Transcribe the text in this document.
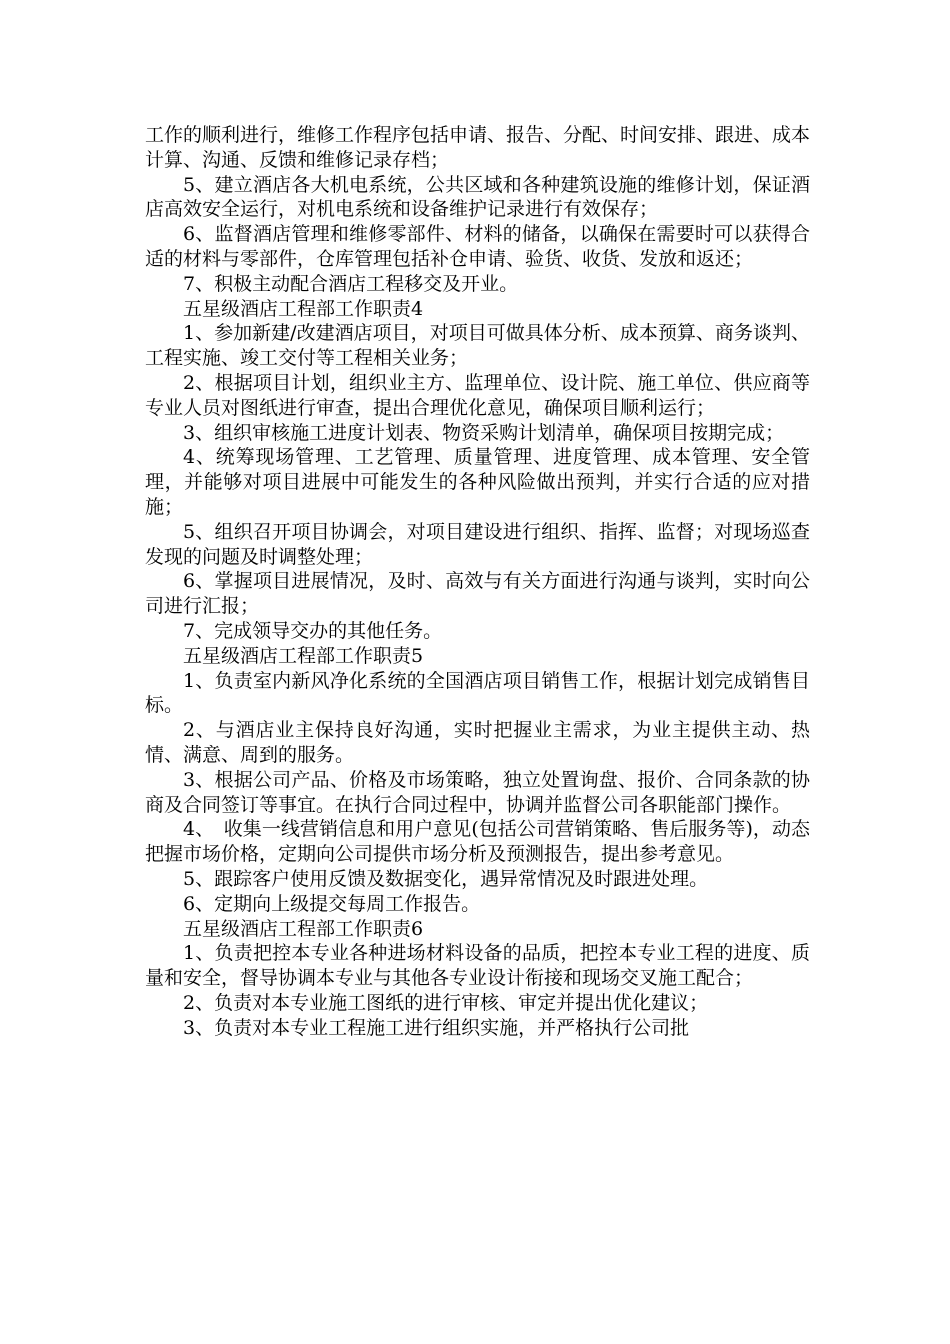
工作的顺利进行，维修工作程序包括申请、报告、分配、时间安排、跟进、成本计算、沟通、反馈和维修记录存档；

5、建立酒店各大机电系统，公共区域和各种建筑设施的维修计划，保证酒店高效安全运行，对机电系统和设备维护记录进行有效保存；

6、监督酒店管理和维修零部件、材料的储备，以确保在需要时可以获得合适的材料与零部件，仓库管理包括补仓申请、验货、收货、发放和返还；

7、积极主动配合酒店工程移交及开业。

五星级酒店工程部工作职责4

1、参加新建/改建酒店项目，对项目可做具体分析、成本预算、商务谈判、工程实施、竣工交付等工程相关业务；

2、根据项目计划，组织业主方、监理单位、设计院、施工单位、供应商等专业人员对图纸进行审查，提出合理优化意见，确保项目顺利运行；

3、组织审核施工进度计划表、物资采购计划清单，确保项目按期完成；

4、统筹现场管理、工艺管理、质量管理、进度管理、成本管理、安全管理，并能够对项目进展中可能发生的各种风险做出预判，并实行合适的应对措施；

5、组织召开项目协调会，对项目建设进行组织、指挥、监督；对现场巡查发现的问题及时调整处理；

6、掌握项目进展情况，及时、高效与有关方面进行沟通与谈判，实时向公司进行汇报；

7、完成领导交办的其他任务。

五星级酒店工程部工作职责5

1、负责室内新风净化系统的全国酒店项目销售工作，根据计划完成销售目标。

2、与酒店业主保持良好沟通，实时把握业主需求，为业主提供主动、热情、满意、周到的服务。

3、根据公司产品、价格及市场策略，独立处置询盘、报价、合同条款的协商及合同签订等事宜。在执行合同过程中，协调并监督公司各职能部门操作。

4、　收集一线营销信息和用户意见(包括公司营销策略、售后服务等)，动态把握市场价格，定期向公司提供市场分析及预测报告，提出参考意见。

5、跟踪客户使用反馈及数据变化，遇异常情况及时跟进处理。

6、定期向上级提交每周工作报告。

五星级酒店工程部工作职责6

1、负责把控本专业各种进场材料设备的品质，把控本专业工程的进度、质量和安全，督导协调本专业与其他各专业设计衔接和现场交叉施工配合；

2、负责对本专业施工图纸的进行审核、审定并提出优化建议；

3、负责对本专业工程施工进行组织实施，并严格执行公司批
